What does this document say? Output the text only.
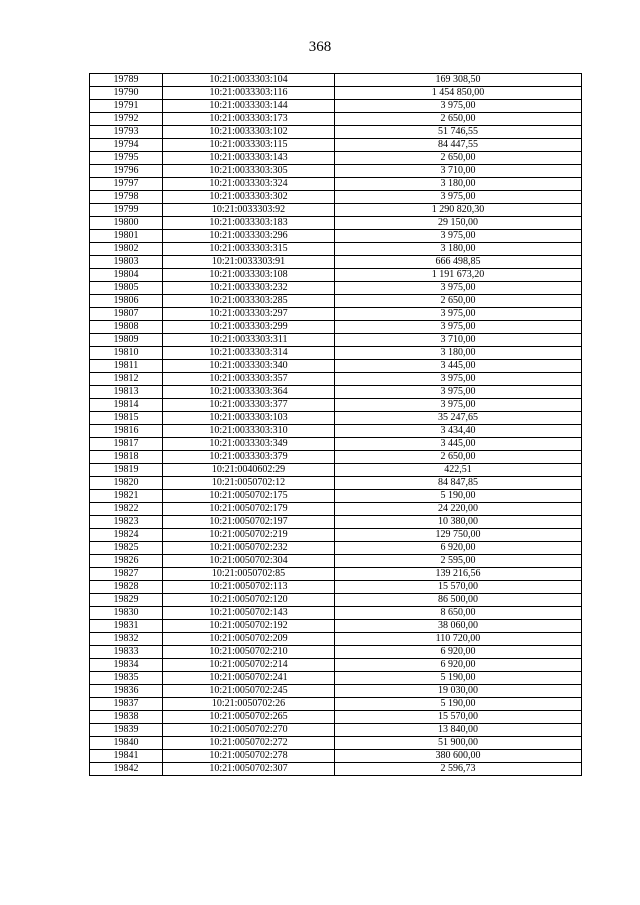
368
19789	10:21:0033303:104	169 308,50
19790	10:21:0033303:116	1 454 850,00
19791	10:21:0033303:144	3 975,00
19792	10:21:0033303:173	2 650,00
19793	10:21:0033303:102	51 746,55
19794	10:21:0033303:115	84 447,55
19795	10:21:0033303:143	2 650,00
19796	10:21:0033303:305	3 710,00
19797	10:21:0033303:324	3 180,00
19798	10:21:0033303:302	3 975,00
19799	10:21:0033303:92	1 290 820,30
19800	10:21:0033303:183	29 150,00
19801	10:21:0033303:296	3 975,00
19802	10:21:0033303:315	3 180,00
19803	10:21:0033303:91	666 498,85
19804	10:21:0033303:108	1 191 673,20
19805	10:21:0033303:232	3 975,00
19806	10:21:0033303:285	2 650,00
19807	10:21:0033303:297	3 975,00
19808	10:21:0033303:299	3 975,00
19809	10:21:0033303:311	3 710,00
19810	10:21:0033303:314	3 180,00
19811	10:21:0033303:340	3 445,00
19812	10:21:0033303:357	3 975,00
19813	10:21:0033303:364	3 975,00
19814	10:21:0033303:377	3 975,00
19815	10:21:0033303:103	35 247,65
19816	10:21:0033303:310	3 434,40
19817	10:21:0033303:349	3 445,00
19818	10:21:0033303:379	2 650,00
19819	10:21:0040602:29	422,51
19820	10:21:0050702:12	84 847,85
19821	10:21:0050702:175	5 190,00
19822	10:21:0050702:179	24 220,00
19823	10:21:0050702:197	10 380,00
19824	10:21:0050702:219	129 750,00
19825	10:21:0050702:232	6 920,00
19826	10:21:0050702:304	2 595,00
19827	10:21:0050702:85	139 216,56
19828	10:21:0050702:113	15 570,00
19829	10:21:0050702:120	86 500,00
19830	10:21:0050702:143	8 650,00
19831	10:21:0050702:192	38 060,00
19832	10:21:0050702:209	110 720,00
19833	10:21:0050702:210	6 920,00
19834	10:21:0050702:214	6 920,00
19835	10:21:0050702:241	5 190,00
19836	10:21:0050702:245	19 030,00
19837	10:21:0050702:26	5 190,00
19838	10:21:0050702:265	15 570,00
19839	10:21:0050702:270	13 840,00
19840	10:21:0050702:272	51 900,00
19841	10:21:0050702:278	380 600,00
19842	10:21:0050702:307	2 596,73
